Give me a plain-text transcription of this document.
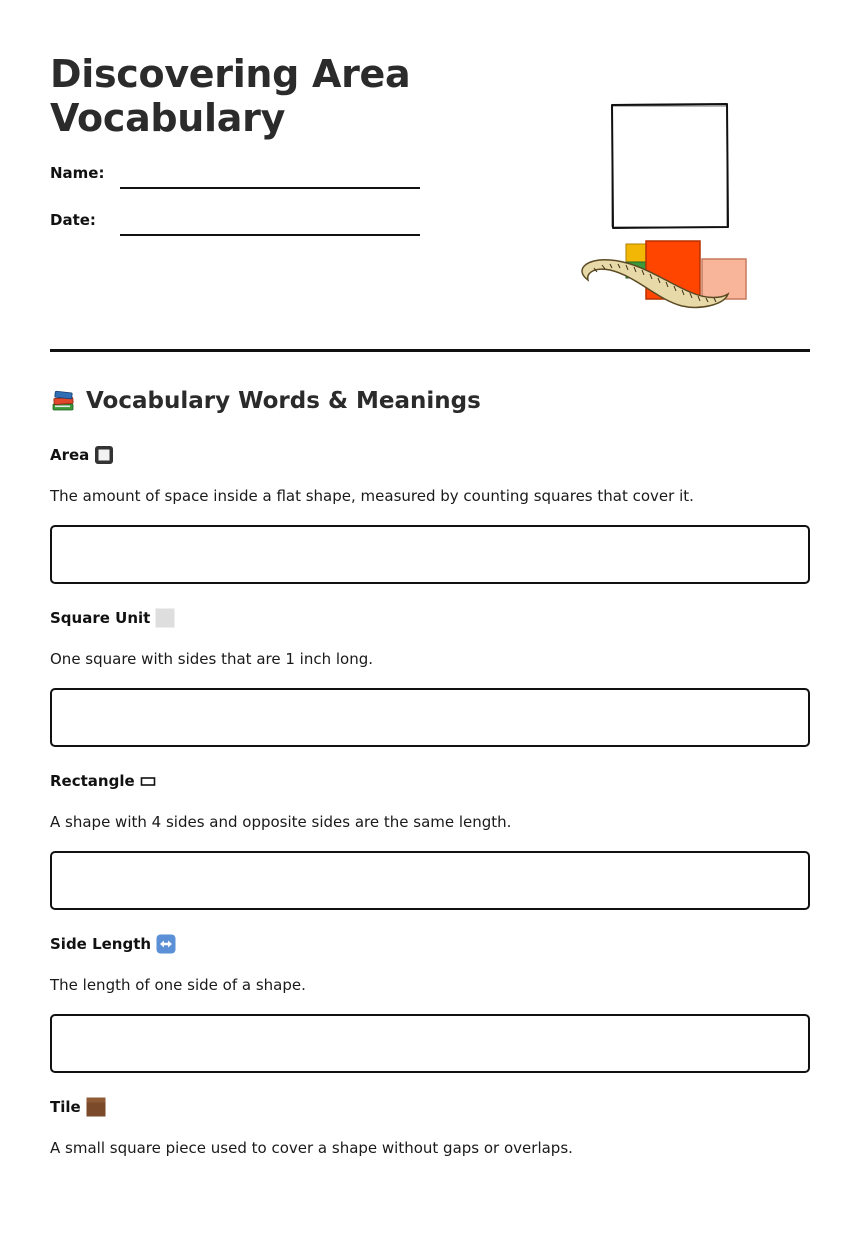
Discovering Area Vocabulary
Name:
Date:
Vocabulary Words & Meanings
Area
The amount of space inside a flat shape, measured by counting squares that cover it.
Square Unit
One square with sides that are 1 inch long.
Rectangle
A shape with 4 sides and opposite sides are the same length.
Side Length
The length of one side of a shape.
Tile
A small square piece used to cover a shape without gaps or overlaps.
